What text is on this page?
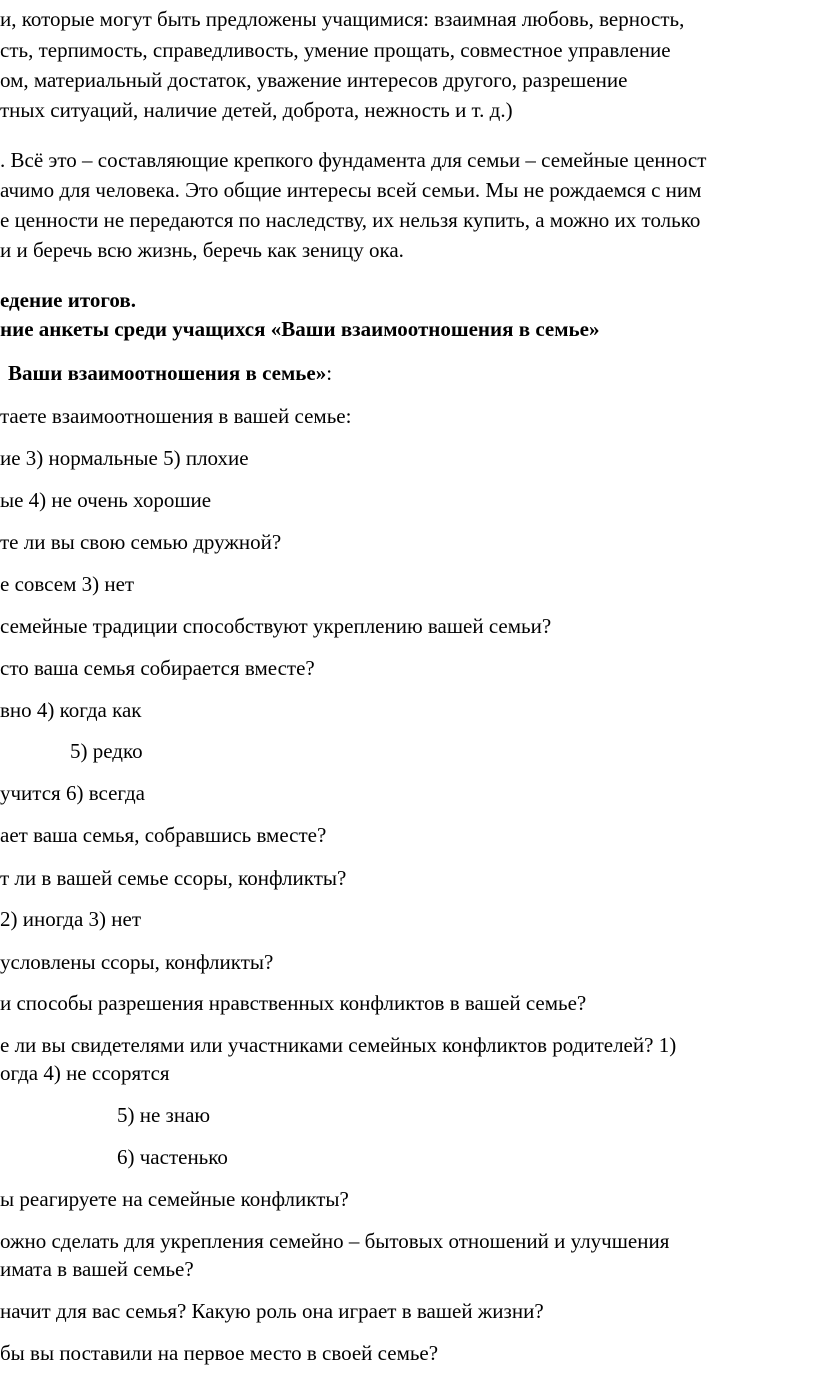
и, которые могут быть предложены учащимися: взаимная любовь, верность,
сть, терпимость, справедливость, умение прощать, совместное управление
ом, материальный достаток, уважение интересов другого, разрешение
тных ситуаций, наличие детей, доброта, нежность и т. д.)
. Всё это – составляющие крепкого фундамента для семьи – семейные ценност
ачимо для человека. Это общие интересы всей семьи. Мы не рождаемся с ним
е ценности не передаются по наследству, их нельзя купить, а можно их только
и и беречь всю жизнь, беречь как зеницу ока.
едение итогов.
ние анкеты среди учащихся «Ваши взаимоотношения в семье»
Ваши взаимоотношения в семье»:
таете взаимоотношения в вашей семье:
ие 3) нормальные 5) плохие
ые 4) не очень хорошие
те ли вы свою семью дружной?
е совсем 3) нет
семейные традиции способствуют укреплению вашей семьи?
сто ваша семья собирается вместе?
вно 4) когда как
5) редко
учится 6) всегда
ает ваша семья, собравшись вместе?
т ли в вашей семье ссоры, конфликты?
2) иногда 3) нет
условлены ссоры, конфликты?
и способы разрешения нравственных конфликтов в вашей семье?
е ли вы свидетелями или участниками семейных конфликтов родителей? 1)
огда 4) не ссорятся
5) не знаю
6) частенько
ы реагируете на семейные конфликты?
ожно сделать для укрепления семейно – бытовых отношений и улучшения
имата в вашей семье?
начит для вас семья? Какую роль она играет в вашей жизни?
бы вы поставили на первое место в своей семье?
